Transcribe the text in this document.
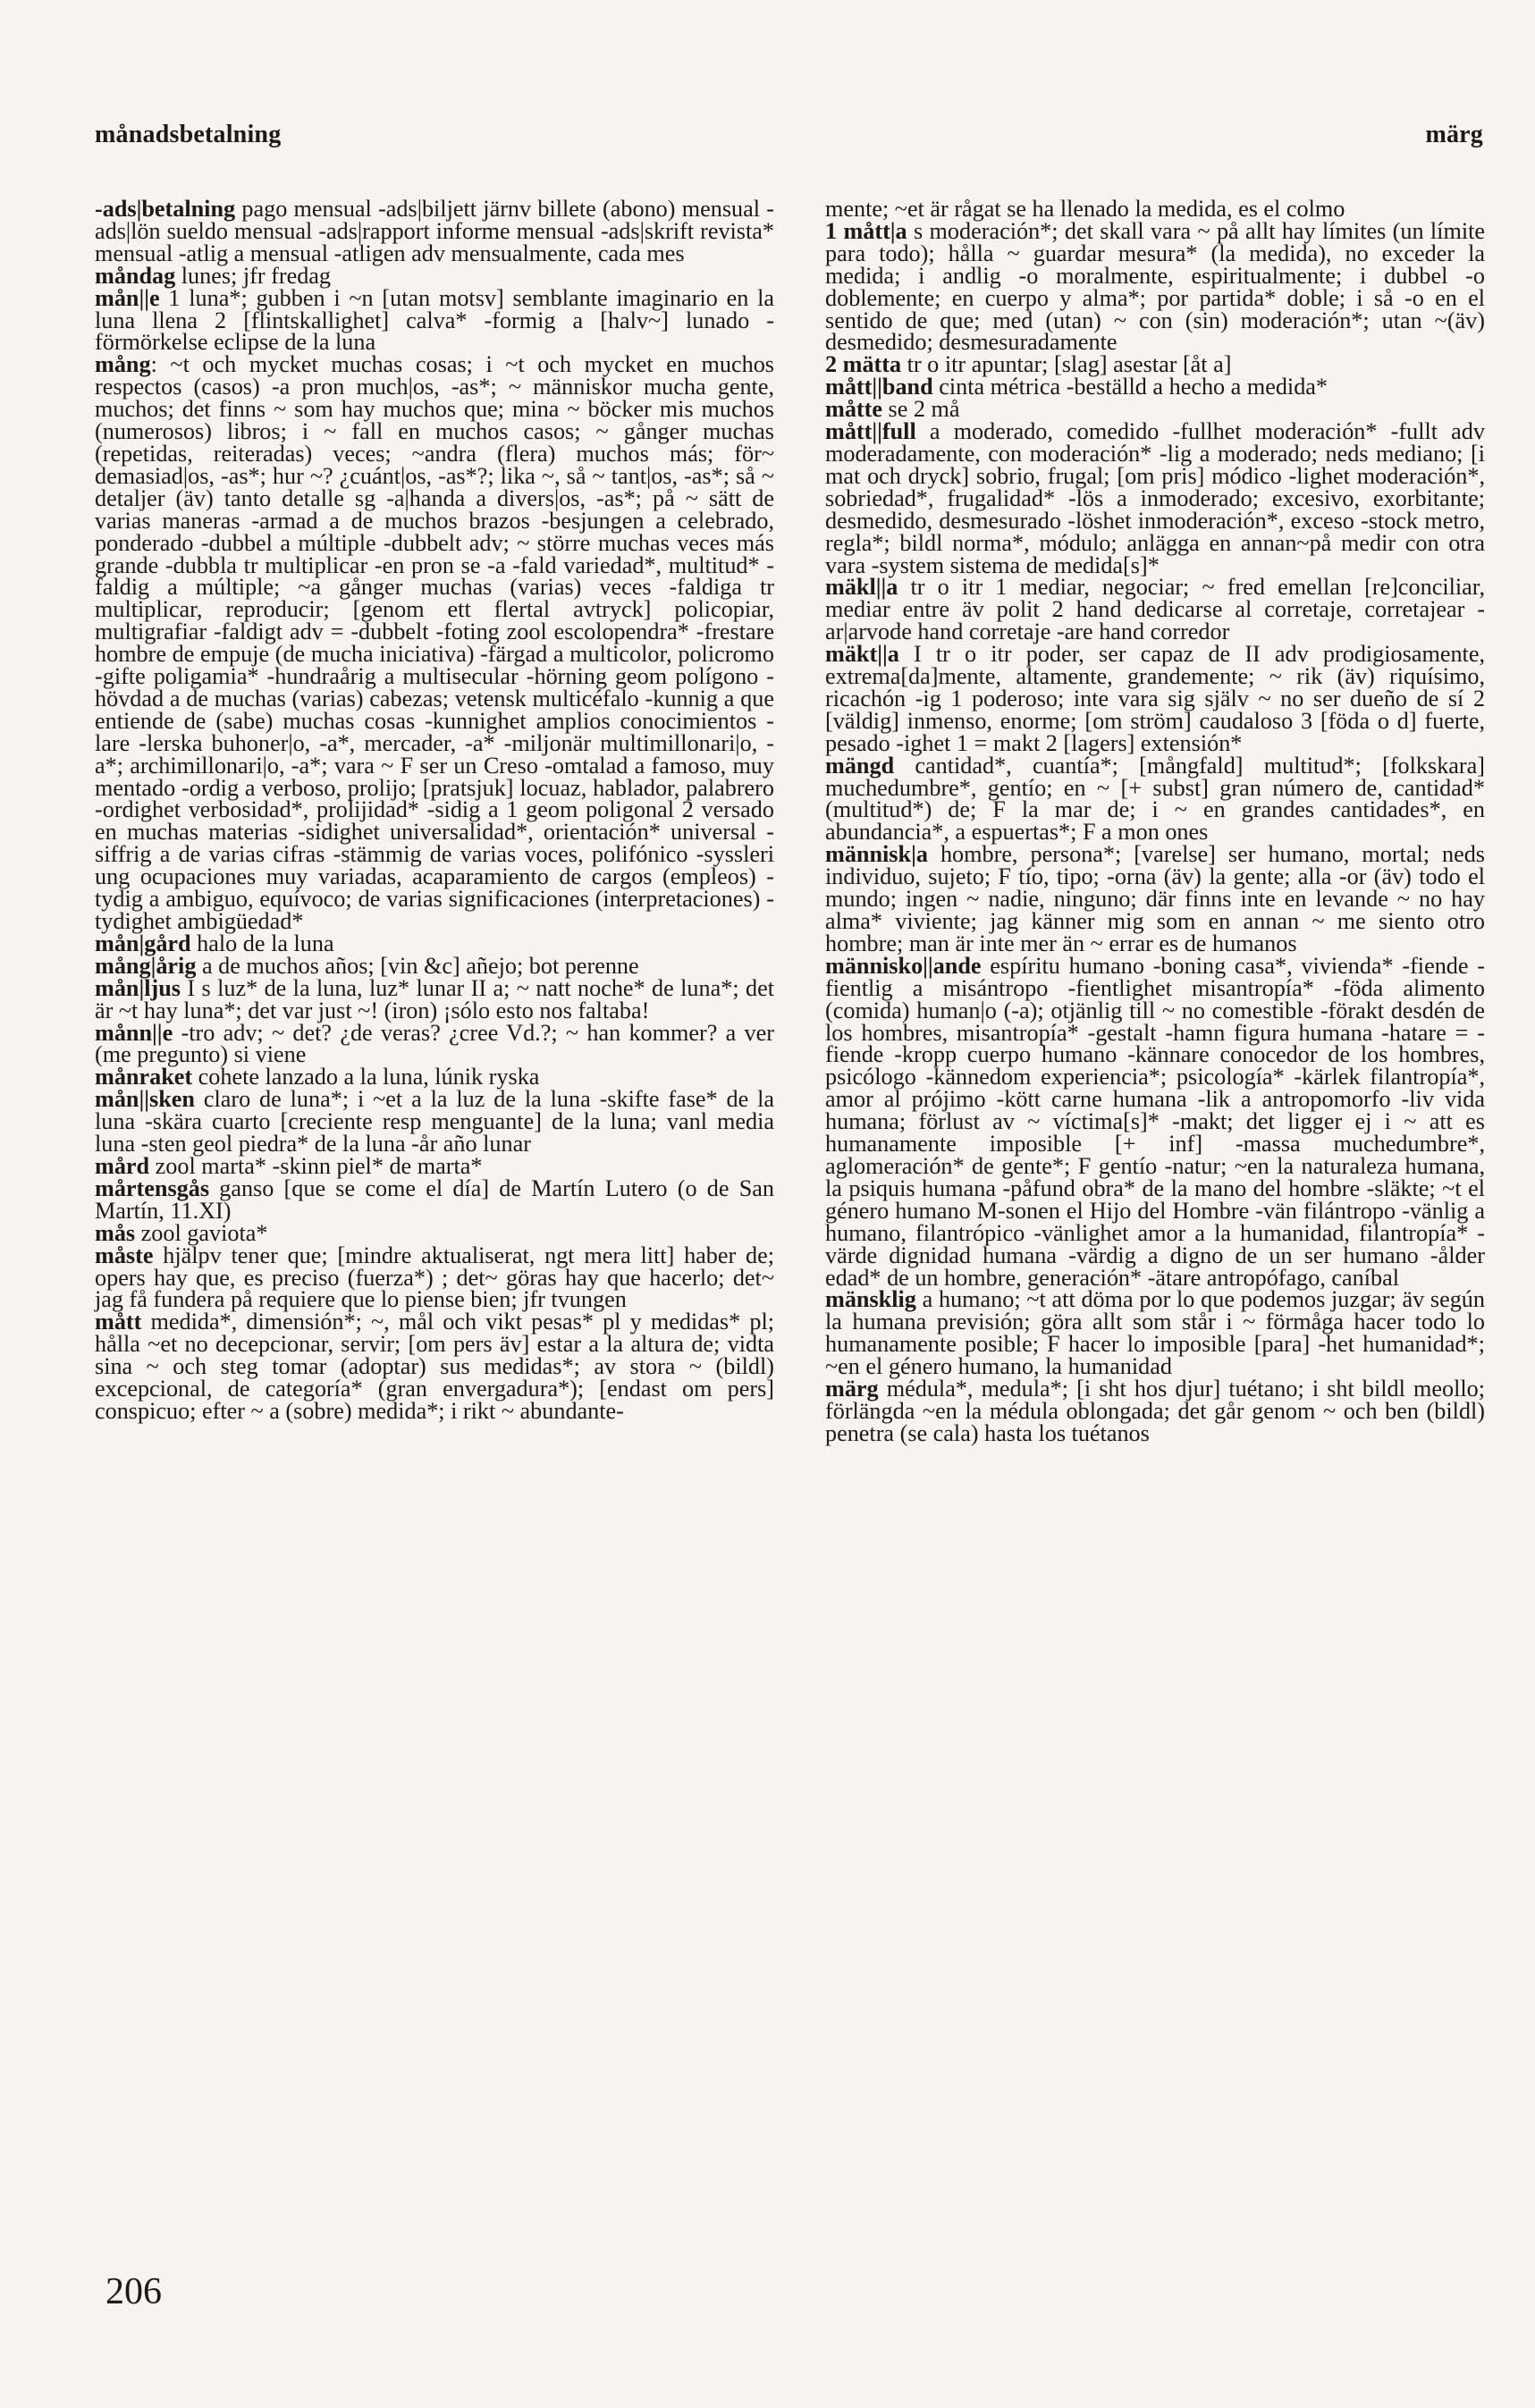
månadsbetalning	märg

-ads|betalning pago mensual -ads|biljett järnv billete (abono) mensual -ads|lön sueldo mensual -ads|rapport informe mensual -ads|skrift revista* mensual -atlig a mensual -atligen adv mensualmente, cada mes

måndag lunes; jfr fredag

mån||e 1 luna*; gubben i ~n [utan motsv] semblante imaginario en la luna llena 2 [flintskallighet] calva* -formig a [halv~] lunado -förmörkelse eclipse de la luna

mång: ~t och mycket muchas cosas; i ~t och mycket en muchos respectos (casos) -a pron much|os, -as*; ~ människor mucha gente, muchos; det finns ~ som hay muchos que; mina ~ böcker mis muchos (numerosos) libros; i ~ fall en muchos casos; ~ gånger muchas (repetidas, reiteradas) veces; ~andra (flera) muchos más; för~ demasiad|os, -as*; hur ~? ¿cuánt|os, -as*?; lika ~, så ~ tant|os, -as*; så ~ detaljer (äv) tanto detalle sg -a|handa a divers|os, -as*; på ~ sätt de varias maneras -armad a de muchos brazos -besjungen a celebrado, ponderado -dubbel a múltiple -dubbelt adv; ~ större muchas veces más grande -dubbla tr multiplicar -en pron se -a -fald variedad*, multitud* -faldig a múltiple; ~a gånger muchas (varias) veces -faldiga tr multiplicar, reproducir; [genom ett flertal avtryck] policopiar, multigrafiar -faldigt adv = -dubbelt -foting zool escolopendra* -frestare hombre de empuje (de mucha iniciativa) -färgad a multicolor, policromo -gifte poligamia* -hundraårig a multisecular -hörning geom polígono -hövdad a de muchas (varias) cabezas; vetensk multicéfalo -kunnig a que entiende de (sabe) muchas cosas -kunnighet amplios conocimientos -lare -lerska buhoner|o, -a*, mercader, -a* -miljonär multimillonari|o, -a*; archimillonari|o, -a*; vara ~ F ser un Creso -omtalad a famoso, muy mentado -ordig a verboso, prolijo; [pratsjuk] locuaz, hablador, palabrero -ordighet verbosidad*, prolijidad* -sidig a 1 geom poligonal 2 versado en muchas materias -sidighet universalidad*, orientación* universal -siffrig a de varias cifras -stämmig de varias voces, polifónico -syssleri ung ocupaciones muy variadas, acaparamiento de cargos (empleos) -tydig a ambiguo, equívoco; de varias significaciones (interpretaciones) -tydighet ambigüedad*

mån|gård halo de la luna

mång|årig a de muchos años; [vin &c] añejo; bot perenne

mån|ljus I s luz* de la luna, luz* lunar II a; ~ natt noche* de luna*; det är ~t hay luna*; det var just ~! (iron) ¡sólo esto nos faltaba!

månn||e -tro adv; ~ det? ¿de veras? ¿cree Vd.?; ~ han kommer? a ver (me pregunto) si viene

månraket cohete lanzado a la luna, lúnik ryska

mån||sken claro de luna*; i ~et a la luz de la luna -skifte fase* de la luna -skära cuarto [creciente resp menguante] de la luna; vanl media luna -sten geol piedra* de la luna -år año lunar

mård zool marta* -skinn piel* de marta*

mårtensgås ganso [que se come el día] de Martín Lutero (o de San Martín, 11.XI)

mås zool gaviota*

måste hjälpv tener que; [mindre aktualiserat, ngt mera litt] haber de; opers hay que, es preciso (fuerza*) ; det~ göras hay que hacerlo; det~ jag få fundera på requiere que lo piense bien; jfr tvungen

mått medida*, dimensión*; ~, mål och vikt pesas* pl y medidas* pl; hålla ~et no decepcionar, servir; [om pers äv] estar a la altura de; vidta sina ~ och steg tomar (adoptar) sus medidas*; av stora ~ (bildl) excepcional, de categoría* (gran envergadura*); [endast om pers] conspicuo; efter ~ a (sobre) medida*; i rikt ~ abundante-

mente; ~et är rågat se ha llenado la medida, es el colmo

1 mått|a s moderación*; det skall vara ~ på allt hay límites (un límite para todo); hålla ~ guardar mesura* (la medida), no exceder la medida; i andlig -o moralmente, espiritualmente; i dubbel -o doblemente; en cuerpo y alma*; por partida* doble; i så -o en el sentido de que; med (utan) ~ con (sin) moderación*; utan ~(äv) desmedido; desmesuradamente

2 mätta tr o itr apuntar; [slag] asestar [åt a]

mått||band cinta métrica -beställd a hecho a medida*

måtte se 2 må

mått||full a moderado, comedido -fullhet moderación* -fullt adv moderadamente, con moderación* -lig a moderado; neds mediano; [i mat och dryck] sobrio, frugal; [om pris] módico -lighet moderación*, sobriedad*, frugalidad* -lös a inmoderado; excesivo, exorbitante; desmedido, desmesurado -löshet inmoderación*, exceso -stock metro, regla*; bildl norma*, módulo; anlägga en annan~på medir con otra vara -system sistema de medida[s]*

mäkl||a tr o itr 1 mediar, negociar; ~ fred emellan [re]conciliar, mediar entre äv polit 2 hand dedicarse al corretaje, corretajear -ar|arvode hand corretaje -are hand corredor

mäkt||a I tr o itr poder, ser capaz de II adv prodigiosamente, extrema[da]mente, altamente, grandemente; ~ rik (äv) riquísimo, ricachón -ig 1 poderoso; inte vara sig själv ~ no ser dueño de sí 2 [väldig] inmenso, enorme; [om ström] caudaloso 3 [föda o d] fuerte, pesado -ighet 1 = makt 2 [lagers] extensión*

mängd cantidad*, cuantía*; [mångfald] multitud*; [folkskara] muchedumbre*, gentío; en ~ [+ subst] gran número de, cantidad* (multitud*) de; F la mar de; i ~ en grandes cantidades*, en abundancia*, a espuertas*; F a mon ones

människ|a hombre, persona*; [varelse] ser humano, mortal; neds individuo, sujeto; F tío, tipo; -orna (äv) la gente; alla -or (äv) todo el mundo; ingen ~ nadie, ninguno; där finns inte en levande ~ no hay alma* viviente; jag känner mig som en annan ~ me siento otro hombre; man är inte mer än ~ errar es de humanos

människo||ande espíritu humano -boning casa*, vivienda* -fiende -fientlig a misántropo -fientlighet misantropía* -föda alimento (comida) human|o (-a); otjänlig till ~ no comestible -förakt desdén de los hombres, misantropía* -gestalt -hamn figura humana -hatare = -fiende -kropp cuerpo humano -kännare conocedor de los hombres, psicólogo -kännedom experiencia*; psicología* -kärlek filantropía*, amor al prójimo -kött carne humana -lik a antropomorfo -liv vida humana; förlust av ~ víctima[s]* -makt; det ligger ej i ~ att es humanamente imposible [+ inf] -massa muchedumbre*, aglomeración* de gente*; F gentío -natur; ~en la naturaleza humana, la psiquis humana -påfund obra* de la mano del hombre -släkte; ~t el género humano M-sonen el Hijo del Hombre -vän filántropo -vänlig a humano, filantrópico -vänlighet amor a la humanidad, filantropía* -värde dignidad humana -värdig a digno de un ser humano -ålder edad* de un hombre, generación* -ätare antropófago, caníbal

mänsklig a humano; ~t att döma por lo que podemos juzgar; äv según la humana previsión; göra allt som står i ~ förmåga hacer todo lo humanamente posible; F hacer lo imposible [para] -het humanidad*; ~en el género humano, la humanidad

märg médula*, medula*; [i sht hos djur] tuétano; i sht bildl meollo; förlängda ~en la médula oblongada; det går genom ~ och ben (bildl) penetra (se cala) hasta los tuétanos

206
